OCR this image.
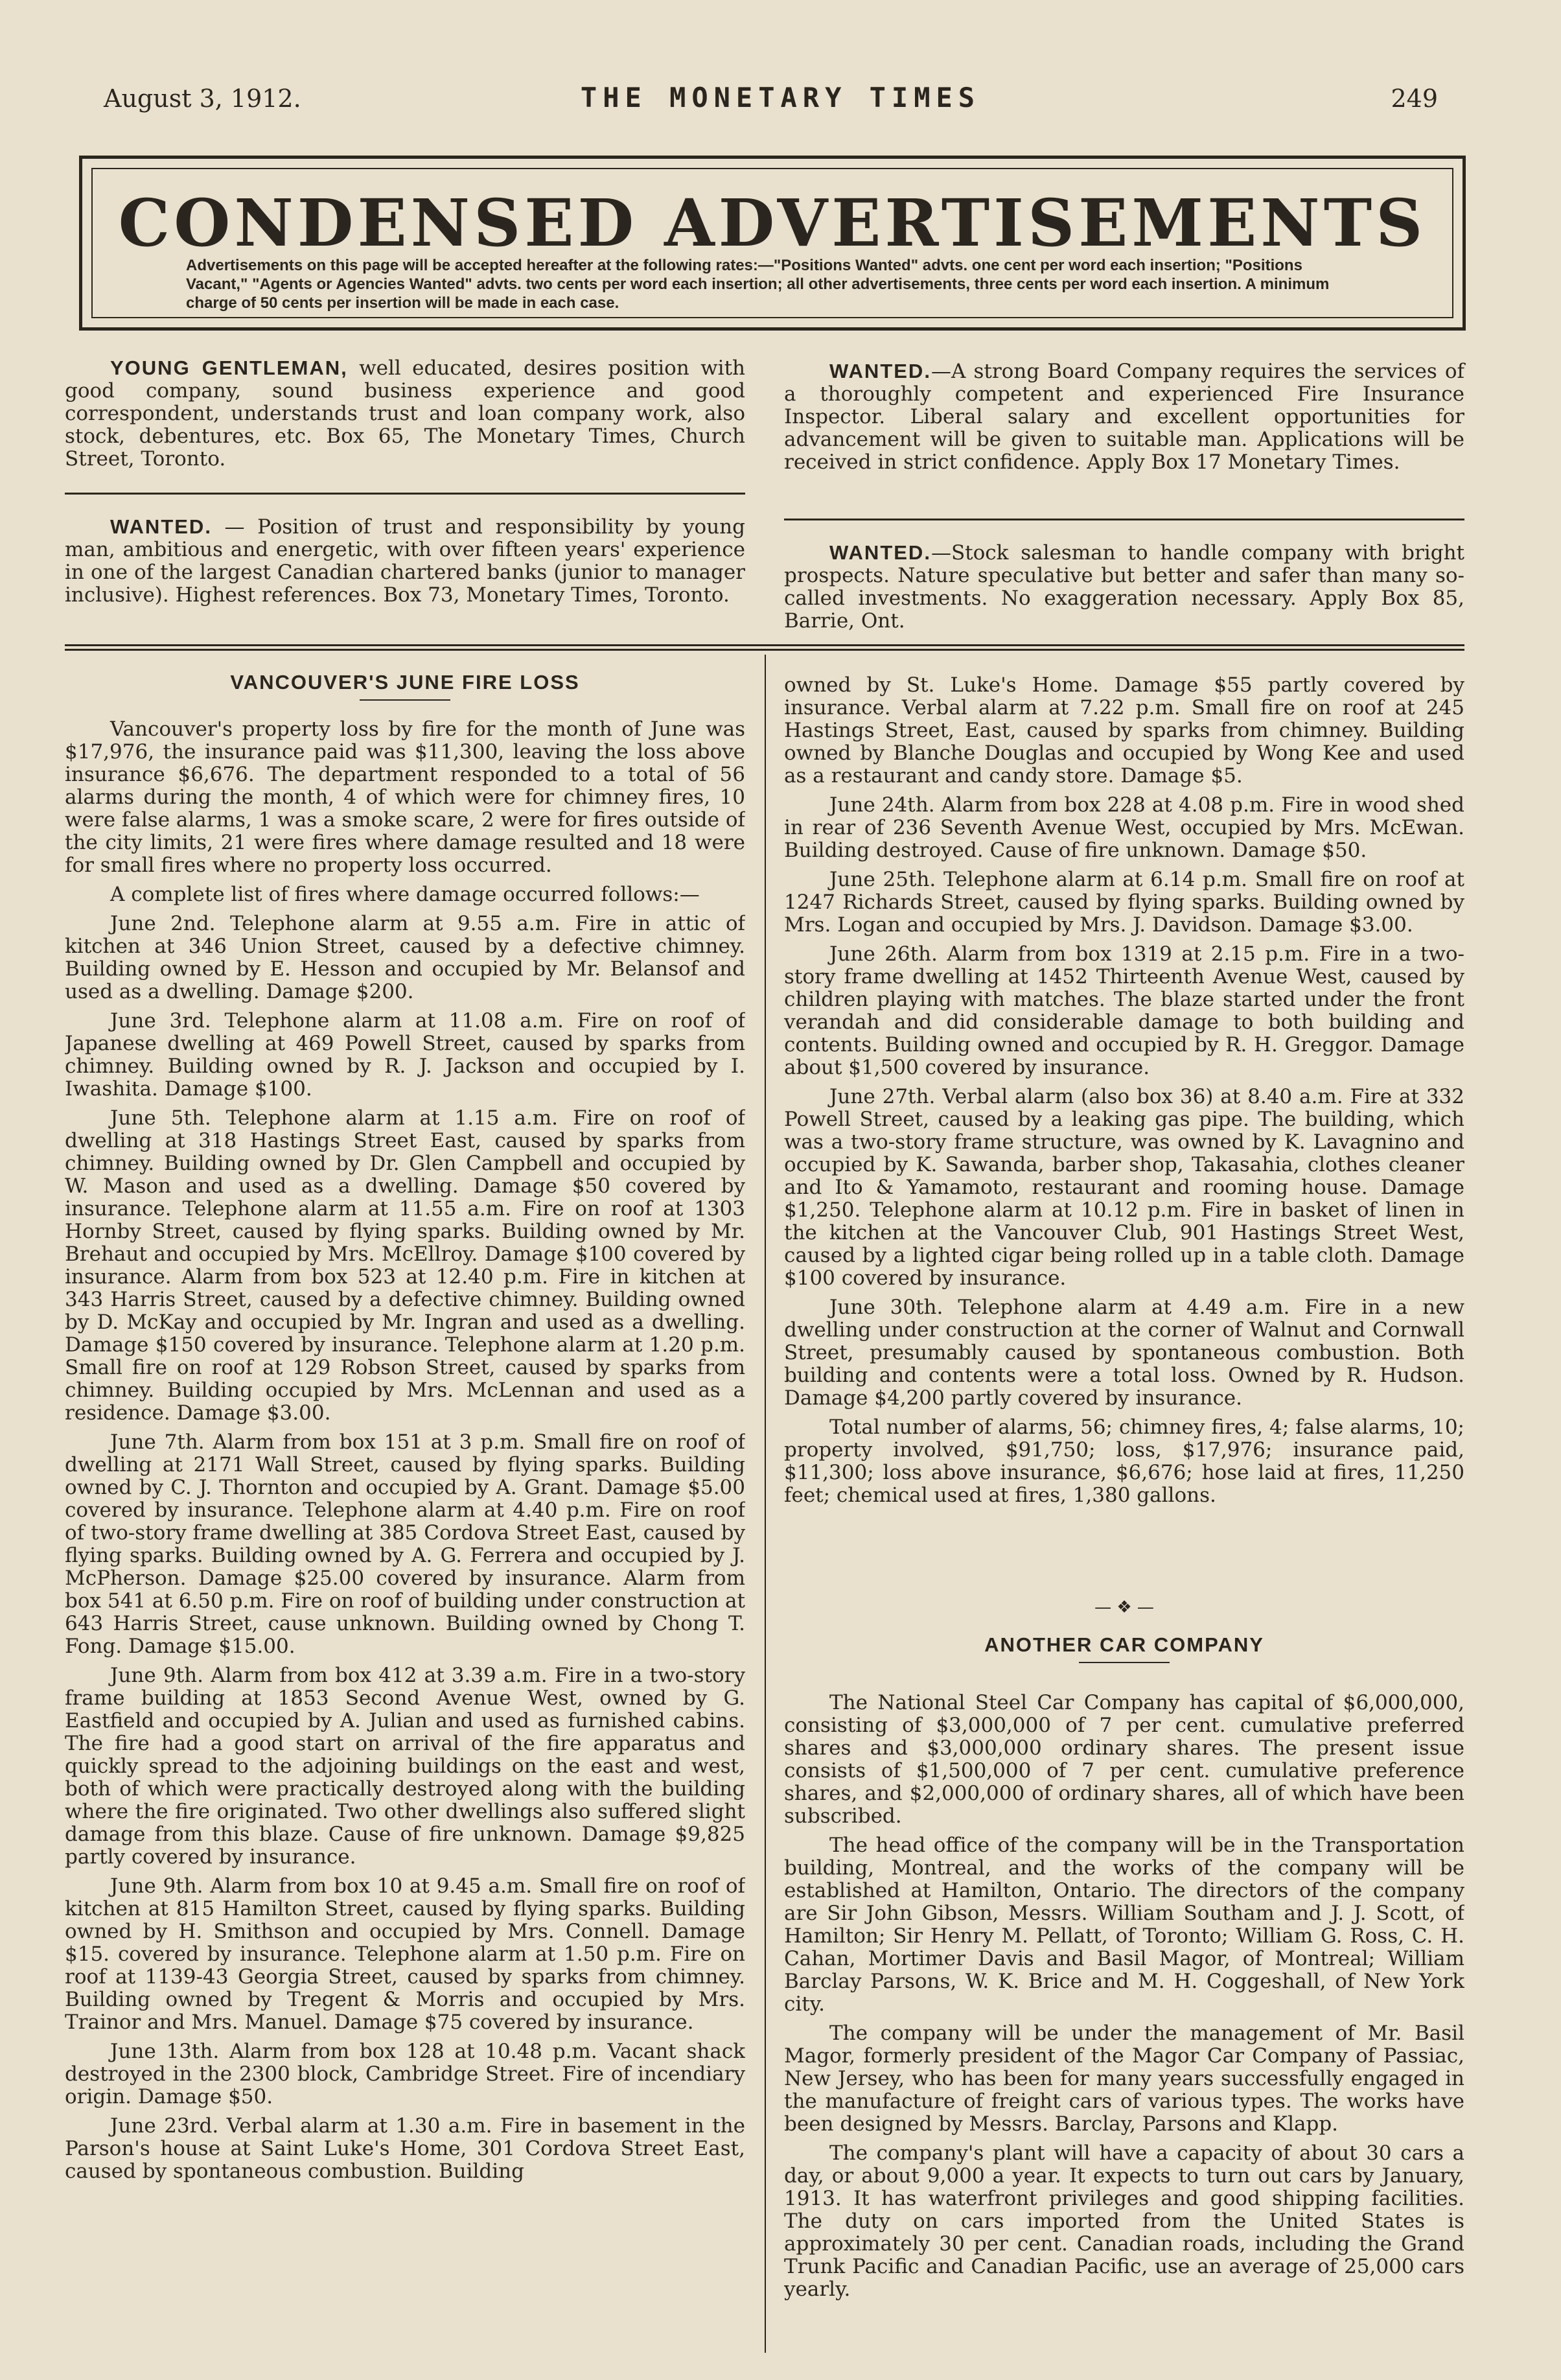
August 3, 1912.	THE MONETARY TIMES	249
CONDENSED ADVERTISEMENTS
Advertisements on this page will be accepted hereafter at the following rates:—"Positions Wanted" advts. one cent per word each insertion; "Positions Vacant," "Agents or Agencies Wanted" advts. two cents per word each insertion; all other advertisements, three cents per word each insertion. A minimum charge of 50 cents per insertion will be made in each case.

YOUNG GENTLEMAN, well educated, desires position with good company, sound business experience and good correspondent, understands trust and loan company work, also stock, debentures, etc. Box 65, The Monetary Times, Church Street, Toronto.

WANTED. — Position of trust and responsibility by young man, ambitious and energetic, with over fifteen years' experience in one of the largest Canadian chartered banks (junior to manager inclusive). Highest references. Box 73, Monetary Times, Toronto.

WANTED.—A strong Board Company requires the services of a thoroughly competent and experienced Fire Insurance Inspector. Liberal salary and excellent opportunities for advancement will be given to suitable man. Applications will be received in strict confidence. Apply Box 17 Monetary Times.

WANTED.—Stock salesman to handle company with bright prospects. Nature speculative but better and safer than many so-called investments. No exaggeration necessary. Apply Box 85, Barrie, Ont.

VANCOUVER'S JUNE FIRE LOSS

Vancouver's property loss by fire for the month of June was $17,976, the insurance paid was $11,300, leaving the loss above insurance $6,676. The department responded to a total of 56 alarms during the month, 4 of which were for chimney fires, 10 were false alarms, 1 was a smoke scare, 2 were for fires outside of the city limits, 21 were fires where damage resulted and 18 were for small fires where no property loss occurred.

A complete list of fires where damage occurred follows:—

June 2nd. Telephone alarm at 9.55 a.m. Fire in attic of kitchen at 346 Union Street, caused by a defective chimney. Building owned by E. Hesson and occupied by Mr. Belansof and used as a dwelling. Damage $200.

June 3rd. Telephone alarm at 11.08 a.m. Fire on roof of Japanese dwelling at 469 Powell Street, caused by sparks from chimney. Building owned by R. J. Jackson and occupied by I. Iwashita. Damage $100.

June 5th. Telephone alarm at 1.15 a.m. Fire on roof of dwelling at 318 Hastings Street East, caused by sparks from chimney. Building owned by Dr. Glen Campbell and occupied by W. Mason and used as a dwelling. Damage $50 covered by insurance. Telephone alarm at 11.55 a.m. Fire on roof at 1303 Hornby Street, caused by flying sparks. Building owned by Mr. Brehaut and occupied by Mrs. McEllroy. Damage $100 covered by insurance. Alarm from box 523 at 12.40 p.m. Fire in kitchen at 343 Harris Street, caused by a defective chimney. Building owned by D. McKay and occupied by Mr. Ingran and used as a dwelling. Damage $150 covered by insurance. Telephone alarm at 1.20 p.m. Small fire on roof at 129 Robson Street, caused by sparks from chimney. Building occupied by Mrs. McLennan and used as a residence. Damage $3.00.

June 7th. Alarm from box 151 at 3 p.m. Small fire on roof of dwelling at 2171 Wall Street, caused by flying sparks. Building owned by C. J. Thornton and occupied by A. Grant. Damage $5.00 covered by insurance. Telephone alarm at 4.40 p.m. Fire on roof of two-story frame dwelling at 385 Cordova Street East, caused by flying sparks. Building owned by A. G. Ferrera and occupied by J. McPherson. Damage $25.00 covered by insurance. Alarm from box 541 at 6.50 p.m. Fire on roof of building under construction at 643 Harris Street, cause unknown. Building owned by Chong T. Fong. Damage $15.00.

June 9th. Alarm from box 412 at 3.39 a.m. Fire in a two-story frame building at 1853 Second Avenue West, owned by G. Eastfield and occupied by A. Julian and used as furnished cabins. The fire had a good start on arrival of the fire apparatus and quickly spread to the adjoining buildings on the east and west, both of which were practically destroyed along with the building where the fire originated. Two other dwellings also suffered slight damage from this blaze. Cause of fire unknown. Damage $9,825 partly covered by insurance.

June 9th. Alarm from box 10 at 9.45 a.m. Small fire on roof of kitchen at 815 Hamilton Street, caused by flying sparks. Building owned by H. Smithson and occupied by Mrs. Connell. Damage $15. covered by insurance. Telephone alarm at 1.50 p.m. Fire on roof at 1139-43 Georgia Street, caused by sparks from chimney. Building owned by Tregent & Morris and occupied by Mrs. Trainor and Mrs. Manuel. Damage $75 covered by insurance.

June 13th. Alarm from box 128 at 10.48 p.m. Vacant shack destroyed in the 2300 block, Cambridge Street. Fire of incendiary origin. Damage $50.

June 23rd. Verbal alarm at 1.30 a.m. Fire in basement in the Parson's house at Saint Luke's Home, 301 Cordova Street East, caused by spontaneous combustion. Building

owned by St. Luke's Home. Damage $55 partly covered by insurance. Verbal alarm at 7.22 p.m. Small fire on roof at 245 Hastings Street, East, caused by sparks from chimney. Building owned by Blanche Douglas and occupied by Wong Kee and used as a restaurant and candy store. Damage $5.

June 24th. Alarm from box 228 at 4.08 p.m. Fire in wood shed in rear of 236 Seventh Avenue West, occupied by Mrs. McEwan. Building destroyed. Cause of fire unknown. Damage $50.

June 25th. Telephone alarm at 6.14 p.m. Small fire on roof at 1247 Richards Street, caused by flying sparks. Building owned by Mrs. Logan and occupied by Mrs. J. Davidson. Damage $3.00.

June 26th. Alarm from box 1319 at 2.15 p.m. Fire in a two-story frame dwelling at 1452 Thirteenth Avenue West, caused by children playing with matches. The blaze started under the front verandah and did considerable damage to both building and contents. Building owned and occupied by R. H. Greggor. Damage about $1,500 covered by insurance.

June 27th. Verbal alarm (also box 36) at 8.40 a.m. Fire at 332 Powell Street, caused by a leaking gas pipe. The building, which was a two-story frame structure, was owned by K. Lavagnino and occupied by K. Sawanda, barber shop, Takasahia, clothes cleaner and Ito & Yamamoto, restaurant and rooming house. Damage $1,250. Telephone alarm at 10.12 p.m. Fire in basket of linen in the kitchen at the Vancouver Club, 901 Hastings Street West, caused by a lighted cigar being rolled up in a table cloth. Damage $100 covered by insurance.

June 30th. Telephone alarm at 4.49 a.m. Fire in a new dwelling under construction at the corner of Walnut and Cornwall Street, presumably caused by spontaneous combustion. Both building and contents were a total loss. Owned by R. Hudson. Damage $4,200 partly covered by insurance.

Total number of alarms, 56; chimney fires, 4; false alarms, 10; property involved, $91,750; loss, $17,976; insurance paid, $11,300; loss above insurance, $6,676; hose laid at fires, 11,250 feet; chemical used at fires, 1,380 gallons.

— ❖ —
ANOTHER CAR COMPANY

The National Steel Car Company has capital of $6,000,000, consisting of $3,000,000 of 7 per cent. cumulative preferred shares and $3,000,000 ordinary shares. The present issue consists of $1,500,000 of 7 per cent. cumulative preference shares, and $2,000,000 of ordinary shares, all of which have been subscribed.

The head office of the company will be in the Transportation building, Montreal, and the works of the company will be established at Hamilton, Ontario. The directors of the company are Sir John Gibson, Messrs. William Southam and J. J. Scott, of Hamilton; Sir Henry M. Pellatt, of Toronto; William G. Ross, C. H. Cahan, Mortimer Davis and Basil Magor, of Montreal; William Barclay Parsons, W. K. Brice and M. H. Coggeshall, of New York city.

The company will be under the management of Mr. Basil Magor, formerly president of the Magor Car Company of Passiac, New Jersey, who has been for many years successfully engaged in the manufacture of freight cars of various types. The works have been designed by Messrs. Barclay, Parsons and Klapp.

The company's plant will have a capacity of about 30 cars a day, or about 9,000 a year. It expects to turn out cars by January, 1913. It has waterfront privileges and good shipping facilities. The duty on cars imported from the United States is approximately 30 per cent. Canadian roads, including the Grand Trunk Pacific and Canadian Pacific, use an average of 25,000 cars yearly.
